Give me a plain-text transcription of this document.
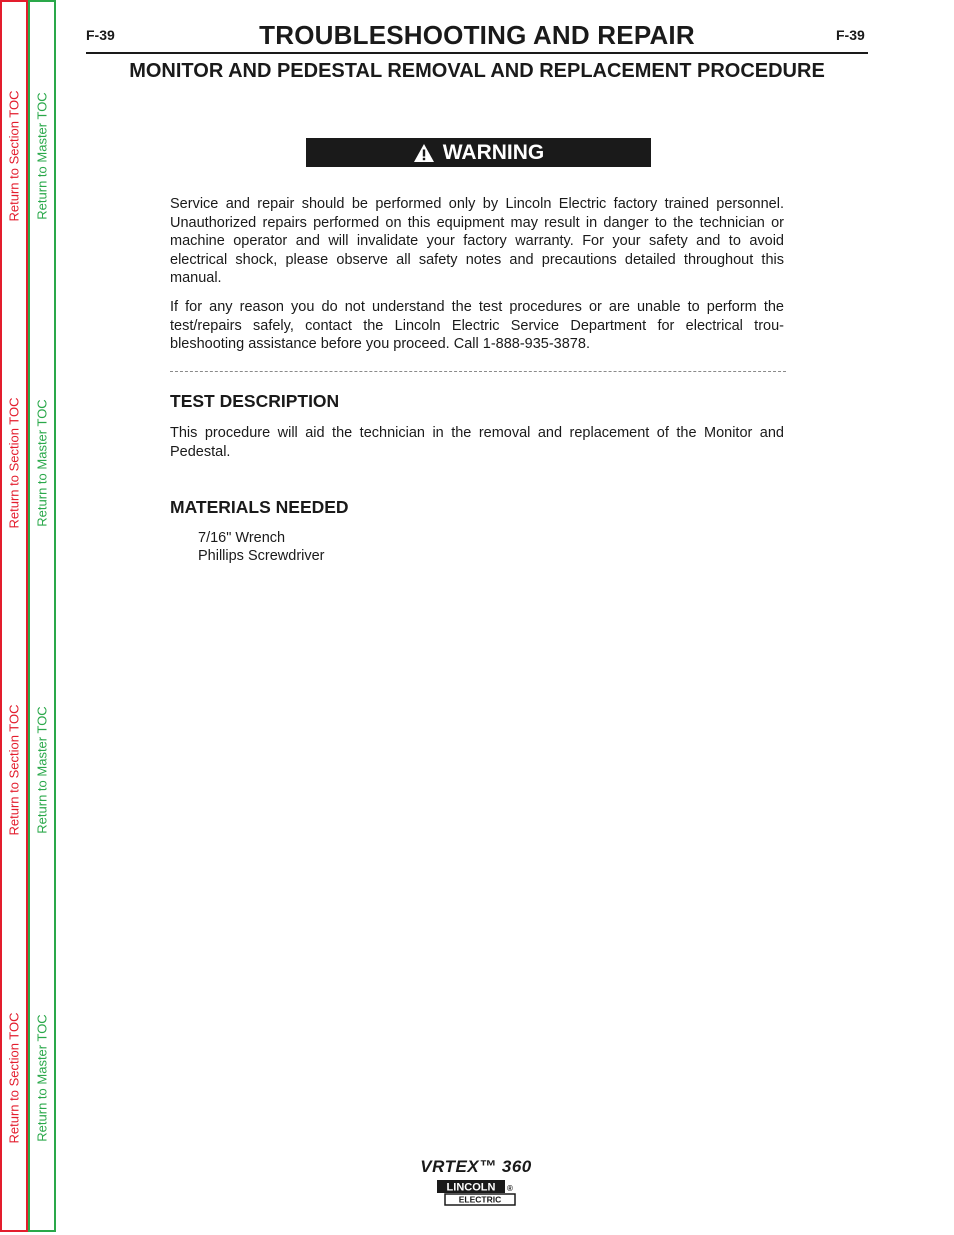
Return to Section TOC
Return to Section TOC
Return to Section TOC
Return to Section TOC
Return to Master TOC
Return to Master TOC
Return to Master TOC
Return to Master TOC
F-39	TROUBLESHOOTING AND REPAIR	F-39
MONITOR AND PEDESTAL REMOVAL AND REPLACEMENT PROCEDURE
WARNING

Service and repair should be performed only by Lincoln Electric factory trained personnel. Unauthorized repairs performed on this equipment may result in danger to the technician or machine operator and will invalidate your factory warranty. For your safety and to avoid electrical shock, please observe all safety notes and precautions detailed throughout this manual.

If for any reason you do not understand the test procedures or are unable to perform the test/repairs safely, contact the Lincoln Electric Service Department for electrical trou-bleshooting assistance before you proceed. Call 1-888-935-3878.

TEST DESCRIPTION

This procedure will aid the technician in the removal and replacement of the Monitor and Pedestal.

MATERIALS NEEDED
7/16" Wrench
Phillips Screwdriver
VRTEX™ 360
LINCOLN ®
ELECTRIC
